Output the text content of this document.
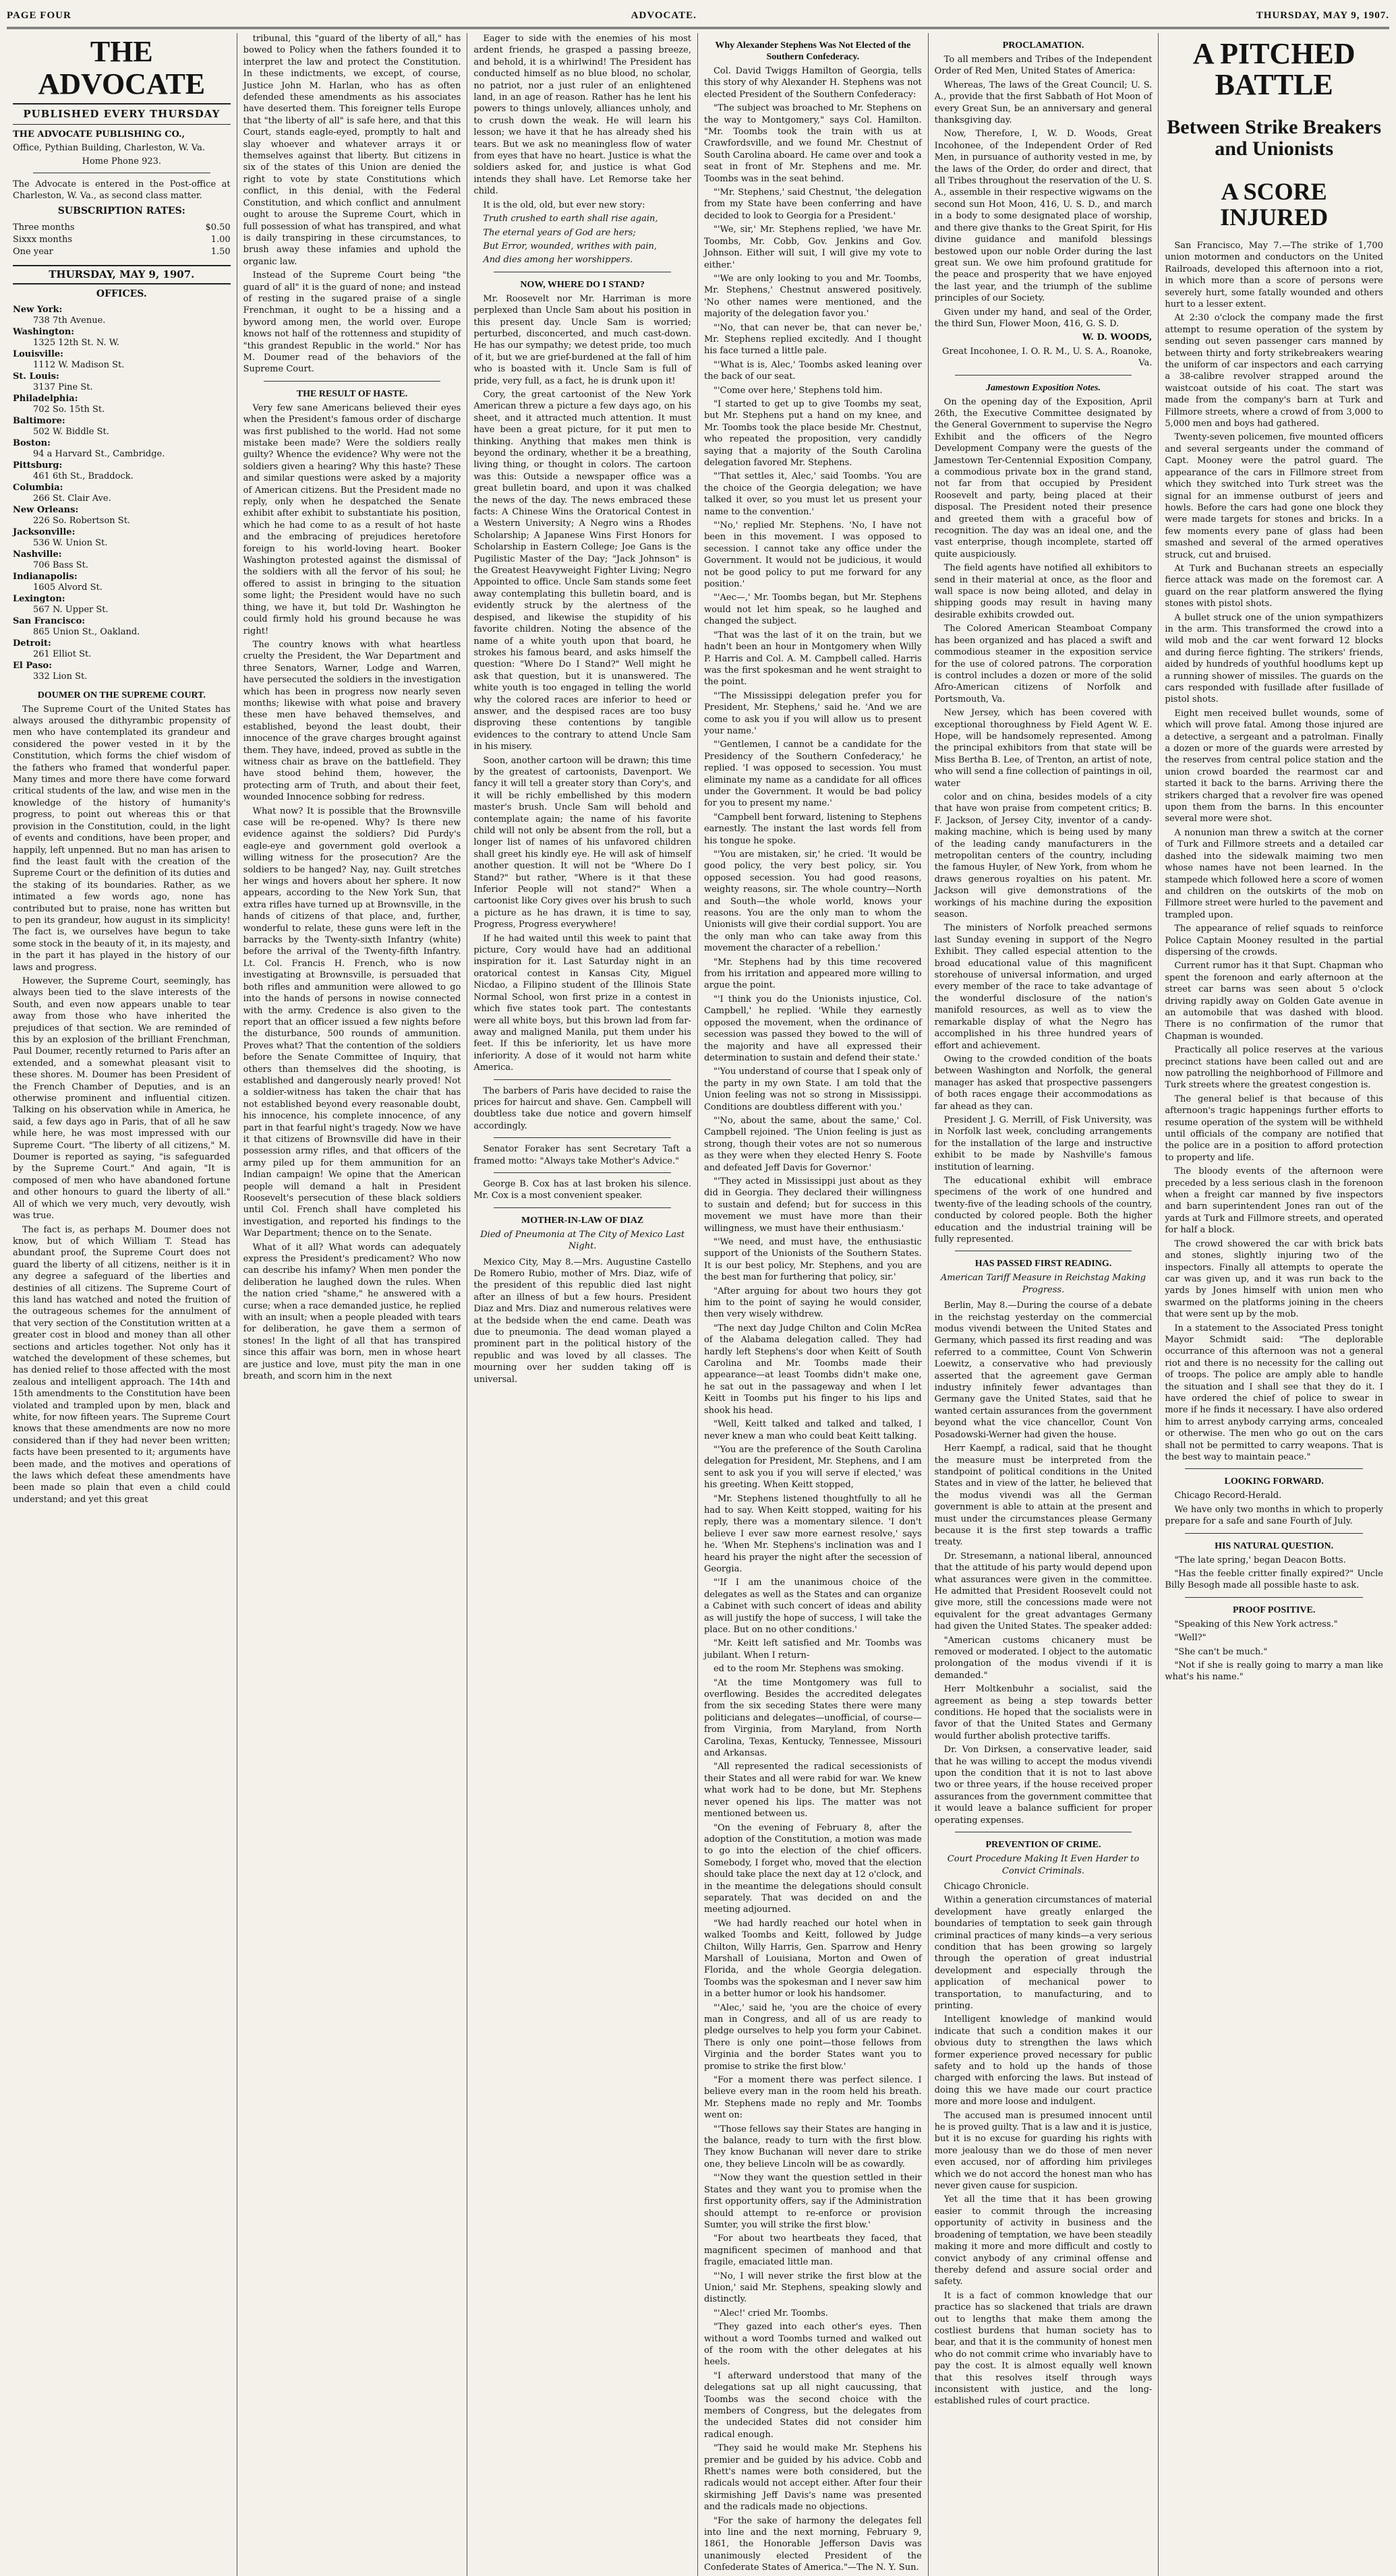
PAGE FOUR	ADVOCATE.	THURSDAY, MAY 9, 1907.
THE ADVOCATE
PUBLISHED EVERY THURSDAY
THE ADVOCATE PUBLISHING CO.,
Office, Pythian Building, Charleston, W. Va.
Home Phone 923.
The Advocate is entered in the Post-office at Charleston, W. Va., as second class matter.
SUBSCRIPTION RATES:
Three months	$0.50
Sixxx months	1.00
One year	1.50
THURSDAY, MAY 9, 1907.
OFFICES.
New York:
738 7th Avenue.
Washington:
1325 12th St. N. W.
Louisville:
1112 W. Madison St.
St. Louis:
3137 Pine St.
Philadelphia:
702 So. 15th St.
Baltimore:
502 W. Biddle St.
Boston:
94 a Harvard St., Cambridge.
Pittsburg:
461 6th St., Braddock.
Columbia:
266 St. Clair Ave.
New Orleans:
226 So. Robertson St.
Jacksonville:
536 W. Union St.
Nashville:
706 Bass St.
Indianapolis:
1605 Alvord St.
Lexington:
567 N. Upper St.
San Francisco:
865 Union St., Oakland.
Detroit:
261 Elliot St.
El Paso:
332 Lion St.
DOUMER ON THE SUPREME COURT.

The Supreme Court of the United States has always aroused the dithyrambic propensity of men who have contemplated its grandeur and considered the power vested in it by the Constitution, which forms the chief wisdom of the fathers who framed that wonderful paper. Many times and more there have come forward critical students of the law, and wise men in the knowledge of the history of humanity's progress, to point out whereas this or that provision in the Constitution, could, in the light of events and conditions, have been proper, and happily, left unpenned. But no man has arisen to find the least fault with the creation of the Supreme Court or the definition of its duties and the staking of its boundaries. Rather, as we intimated a few words ago, none has contributed but to praise, none has written but to pen its grandeur, how august in its simplicity! The fact is, we ourselves have begun to take some stock in the beauty of it, in its majesty, and in the part it has played in the history of our laws and progress.

However, the Supreme Court, seemingly, has always been tied to the slave interests of the South, and even now appears unable to tear away from those who have inherited the prejudices of that section. We are reminded of this by an explosion of the brilliant Frenchman, Paul Doumer, recently returned to Paris after an extended, and a somewhat pleasant visit to these shores. M. Doumer has been President of the French Chamber of Deputies, and is an otherwise prominent and influential citizen. Talking on his observation while in America, he said, a few days ago in Paris, that of all he saw while here, he was most impressed with our Supreme Court. "The liberty of all citizens," M. Doumer is reported as saying, "is safeguarded by the Supreme Court." And again, "It is composed of men who have abandoned fortune and other honours to guard the liberty of all." All of which we very much, very devoutly, wish was true.

The fact is, as perhaps M. Doumer does not know, but of which William T. Stead has abundant proof, the Supreme Court does not guard the liberty of all citizens, neither is it in any degree a safeguard of the liberties and destinies of all citizens. The Supreme Court of this land has watched and noted the fruition of the outrageous schemes for the annulment of that very section of the Constitution written at a greater cost in blood and money than all other sections and articles together. Not only has it watched the development of these schemes, but has denied relief to those affected with the most zealous and intelligent approach. The 14th and 15th amendments to the Constitution have been violated and trampled upon by men, black and white, for now fifteen years. The Supreme Court knows that these amendments are now no more considered than if they had never been written; facts have been presented to it; arguments have been made, and the motives and operations of the laws which defeat these amendments have been made so plain that even a child could understand; and yet this great

tribunal, this "guard of the liberty of all," has bowed to Policy when the fathers founded it to interpret the law and protect the Constitution. In these indictments, we except, of course, Justice John M. Harlan, who has as often defended these amendments as his associates have deserted them. This foreigner tells Europe that "the liberty of all" is safe here, and that this Court, stands eagle-eyed, promptly to halt and slay whoever and whatever arrays it or themselves against that liberty. But citizens in six of the states of this Union are denied the right to vote by state Constitutions which conflict, in this denial, with the Federal Constitution, and which conflict and annulment ought to arouse the Supreme Court, which in full possession of what has transpired, and what is daily transpiring in these circumstances, to brush away these infamies and uphold the organic law.

Instead of the Supreme Court being "the guard of all" it is the guard of none; and instead of resting in the sugared praise of a single Frenchman, it ought to be a hissing and a byword among men, the world over. Europe knows not half of the rottenness and stupidity of "this grandest Republic in the world." Nor has M. Doumer read of the behaviors of the Supreme Court.

THE RESULT OF HASTE.

Very few sane Americans believed their eyes when the President's famous order of discharge was first published to the world. Had not some mistake been made? Were the soldiers really guilty? Whence the evidence? Why were not the soldiers given a hearing? Why this haste? These and similar questions were asked by a majority of American citizens. But the President made no reply, only when he despatched the Senate exhibit after exhibit to substantiate his position, which he had come to as a result of hot haste and the embracing of prejudices heretofore foreign to his world-loving heart. Booker Washington protested against the dismissal of the soldiers with all the fervor of his soul; he offered to assist in bringing to the situation some light; the President would have no such thing, we have it, but told Dr. Washington he could firmly hold his ground because he was right!

The country knows with what heartless cruelty the President, the War Department and three Senators, Warner, Lodge and Warren, have persecuted the soldiers in the investigation which has been in progress now nearly seven months; likewise with what poise and bravery these men have behaved themselves, and established, beyond the least doubt, their innocence of the grave charges brought against them. They have, indeed, proved as subtle in the witness chair as brave on the battlefield. They have stood behind them, however, the protecting arm of Truth, and about their feet, wounded Innocence sobbing for redress.

What now? It is possible that the Brownsville case will be re-opened. Why? Is there new evidence against the soldiers? Did Purdy's eagle-eye and government gold overlook a willing witness for the prosecution? Are the soldiers to be hanged? Nay, nay. Guilt stretches her wings and hovers about her sphere. It now appears, according to the New York Sun, that extra rifles have turned up at Brownsville, in the hands of citizens of that place, and, further, wonderful to relate, these guns were left in the barracks by the Twenty-sixth Infantry (white) before the arrival of the Twenty-fifth Infantry. Lt. Col. Francis H. French, who is now investigating at Brownsville, is persuaded that both rifles and ammunition were allowed to go into the hands of persons in nowise connected with the army. Credence is also given to the report that an officer issued a few nights before the disturbance, 500 rounds of ammunition. Proves what? That the contention of the soldiers before the Senate Committee of Inquiry, that others than themselves did the shooting, is established and dangerously nearly proved! Not a soldier-witness has taken the chair that has not established beyond every reasonable doubt, his innocence, his complete innocence, of any part in that fearful night's tragedy. Now we have it that citizens of Brownsville did have in their possession army rifles, and that officers of the army piled up for them ammunition for an Indian campaign! We opine that the American people will demand a halt in President Roosevelt's persecution of these black soldiers until Col. French shall have completed his investigation, and reported his findings to the War Department; thence on to the Senate.

What of it all? What words can adequately express the President's predicament? Who now can describe his infamy? When men ponder the deliberation he laughed down the rules. When the nation cried "shame," he answered with a curse; when a race demanded justice, he replied with an insult; when a people pleaded with tears for deliberation, he gave them a sermon of stones! In the light of all that has transpired since this affair was born, men in whose heart are justice and love, must pity the man in one breath, and scorn him in the next

Eager to side with the enemies of his most ardent friends, he grasped a passing breeze, and behold, it is a whirlwind! The President has conducted himself as no blue blood, no scholar, no patriot, nor a just ruler of an enlightened land, in an age of reason. Rather has he lent his powers to things unlovely, alliances unholy, and to crush down the weak. He will learn his lesson; we have it that he has already shed his tears. But we ask no meaningless flow of water from eyes that have no heart. Justice is what the soldiers asked for, and justice is what God intends they shall have. Let Remorse take her child.

It is the old, old, but ever new story:

Truth crushed to earth shall rise again,

The eternal years of God are hers;

But Error, wounded, writhes with pain,

And dies among her worshippers.

NOW, WHERE DO I STAND?

Mr. Roosevelt nor Mr. Harriman is more perplexed than Uncle Sam about his position in this present day. Uncle Sam is worried; perturbed, disconcerted, and much cast-down. He has our sympathy; we detest pride, too much of it, but we are grief-burdened at the fall of him who is boasted with it. Uncle Sam is full of pride, very full, as a fact, he is drunk upon it!

Cory, the great cartoonist of the New York American threw a picture a few days ago, on his sheet, and it attracted much attention. It must have been a great picture, for it put men to thinking. Anything that makes men think is beyond the ordinary, whether it be a breathing, living thing, or thought in colors. The cartoon was this: Outside a newspaper office was a great bulletin board, and upon it was chalked the news of the day. The news embraced these facts: A Chinese Wins the Oratorical Contest in a Western University; A Negro wins a Rhodes Scholarship; A Japanese Wins First Honors for Scholarship in Eastern College; Joe Gans is the Pugilistic Master of the Day; "Jack Johnson" is the Greatest Heavyweight Fighter Living; Negro Appointed to office. Uncle Sam stands some feet away contemplating this bulletin board, and is evidently struck by the alertness of the despised, and likewise the stupidity of his favorite children. Noting the absence of the name of a white youth upon that board, he strokes his famous beard, and asks himself the question: "Where Do I Stand?" Well might he ask that question, but it is unanswered. The white youth is too engaged in telling the world why the colored races are inferior to heed or answer, and the despised races are too busy disproving these contentions by tangible evidences to the contrary to attend Uncle Sam in his misery.

Soon, another cartoon will be drawn; this time by the greatest of cartoonists, Davenport. We fancy it will tell a greater story than Cory's, and it will be richly embellished by this modern master's brush. Uncle Sam will behold and contemplate again; the name of his favorite child will not only be absent from the roll, but a longer list of names of his unfavored children shall greet his kindly eye. He will ask of himself another question. It will not be "Where Do I Stand?" but rather, "Where is it that these Inferior People will not stand?" When a cartoonist like Cory gives over his brush to such a picture as he has drawn, it is time to say, Progress, Progress everywhere!

If he had waited until this week to paint that picture, Cory would have had an additional inspiration for it. Last Saturday night in an oratorical contest in Kansas City, Miguel Nicdao, a Filipino student of the Illinois State Normal School, won first prize in a contest in which five states took part. The contestants were all white boys, but this brown lad from far-away and maligned Manila, put them under his feet. If this be inferiority, let us have more inferiority. A dose of it would not harm white America.

The barbers of Paris have decided to raise the prices for haircut and shave. Gen. Campbell will doubtless take due notice and govern himself accordingly.

Senator Foraker has sent Secretary Taft a framed motto: "Always take Mother's Advice."

George B. Cox has at last broken his silence. Mr. Cox is a most convenient speaker.

MOTHER-IN-LAW OF DIAZ
Died of Pneumonia at The City of Mexico Last Night.

Mexico City, May 8.—Mrs. Augustine Castello De Romero Rubio, mother of Mrs. Diaz, wife of the president of this republic died last night after an illness of but a few hours. President Diaz and Mrs. Diaz and numerous relatives were at the bedside when the end came. Death was due to pneumonia. The dead woman played a prominent part in the political history of the republic and was loved by all classes. The mourning over her sudden taking off is universal.

Why Alexander Stephens Was Not Elected of the Southern Confederacy.

Col. David Twiggs Hamilton of Georgia, tells this story of why Alexander H. Stephens was not elected President of the Southern Confederacy:

"The subject was broached to Mr. Stephens on the way to Montgomery," says Col. Hamilton. "Mr. Toombs took the train with us at Crawfordsville, and we found Mr. Chestnut of South Carolina aboard. He came over and took a seat in front of Mr. Stephens and me. Mr. Toombs was in the seat behind.

"'Mr. Stephens,' said Chestnut, 'the delegation from my State have been conferring and have decided to look to Georgia for a President.'

"'We, sir,' Mr. Stephens replied, 'we have Mr. Toombs, Mr. Cobb, Gov. Jenkins and Gov. Johnson. Either will suit, I will give my vote to either.'

"'We are only looking to you and Mr. Toombs, Mr. Stephens,' Chestnut answered positively. 'No other names were mentioned, and the majority of the delegation favor you.'

"'No, that can never be, that can never be,' Mr. Stephens replied excitedly. And I thought his face turned a little pale.

"'What is is, Alec,' Toombs asked leaning over the back of our seat.

"'Come over here,' Stephens told him.

"I started to get up to give Toombs my seat, but Mr. Stephens put a hand on my knee, and Mr. Toombs took the place beside Mr. Chestnut, who repeated the proposition, very candidly saying that a majority of the South Carolina delegation favored Mr. Stephens.

"'That settles it, Alec,' said Toombs. 'You are the choice of the Georgia delegation; we have talked it over, so you must let us present your name to the convention.'

"'No,' replied Mr. Stephens. 'No, I have not been in this movement. I was opposed to secession. I cannot take any office under the Government. It would not be judicious, it would not be good policy to put me forward for any position.'

"'Aec—,' Mr. Toombs began, but Mr. Stephens would not let him speak, so he laughed and changed the subject.

"That was the last of it on the train, but we hadn't been an hour in Montgomery when Willy P. Harris and Col. A. M. Campbell called. Harris was the first spokesman and he went straight to the point.

"'The Mississippi delegation prefer you for President, Mr. Stephens,' said he. 'And we are come to ask you if you will allow us to present your name.'

"'Gentlemen, I cannot be a candidate for the Presidency of the Southern Confederacy,' he replied. 'I was opposed to secession. You must eliminate my name as a candidate for all offices under the Government. It would be bad policy for you to present my name.'

"Campbell bent forward, listening to Stephens earnestly. The instant the last words fell from his tongue he spoke.

"'You are mistaken, sir,' he cried. 'It would be good policy, the very best policy, sir. You opposed secession. You had good reasons, weighty reasons, sir. The whole country—North and South—the whole world, knows your reasons. You are the only man to whom the Unionists will give their cordial support. You are the only man who can take away from this movement the character of a rebellion.'

"Mr. Stephens had by this time recovered from his irritation and appeared more willing to argue the point.

"'I think you do the Unionists injustice, Col. Campbell,' he replied. 'While they earnestly opposed the movement, when the ordinance of secession was passed they bowed to the will of the majority and have all expressed their determination to sustain and defend their state.'

"'You understand of course that I speak only of the party in my own State. I am told that the Union feeling was not so strong in Mississippi. Conditions are doubtless different with you.'

"'No, about the same, about the same,' Col. Campbell rejoined. 'The Union feeling is just as strong, though their votes are not so numerous as they were when they elected Henry S. Foote and defeated Jeff Davis for Governor.'

"'They acted in Mississippi just about as they did in Georgia. They declared their willingness to sustain and defend; but for success in this movement we must have more than their willingness, we must have their enthusiasm.'

"'We need, and must have, the enthusiastic support of the Unionists of the Southern States. It is our best policy, Mr. Stephens, and you are the best man for furthering that policy, sir.'

"After arguing for about two hours they got him to the point of saying he would consider, then very wisely withdrew.

"The next day Judge Chilton and Colin McRea of the Alabama delegation called. They had hardly left Stephens's door when Keitt of South Carolina and Mr. Toombs made their appearance—at least Toombs didn't make one, he sat out in the passageway and when I let Keitt in Toombs put his finger to his lips and shook his head.

"Well, Keitt talked and talked and talked, I never knew a man who could beat Keitt talking.

"'You are the preference of the South Carolina delegation for President, Mr. Stephens, and I am sent to ask you if you will serve if elected,' was his greeting. When Keitt stopped,

"Mr. Stephens listened thoughtfully to all he had to say. When Keitt stopped, waiting for his reply, there was a momentary silence. 'I don't believe I ever saw more earnest resolve,' says he. 'When Mr. Stephens's inclination was and I heard his prayer the night after the secession of Georgia.

"'If I am the unanimous choice of the delegates as well as the States and can organize a Cabinet with such concert of ideas and ability as will justify the hope of success, I will take the place. But on no other conditions.'

"Mr. Keitt left satisfied and Mr. Toombs was jubilant. When I return-

ed to the room Mr. Stephens was smoking.

"At the time Montgomery was full to overflowing. Besides the accredited delegates from the six seceding States there were many politicians and delegates—unofficial, of course—from Virginia, from Maryland, from North Carolina, Texas, Kentucky, Tennessee, Missouri and Arkansas.

"All represented the radical secessionists of their States and all were rabid for war. We knew what work had to be done, but Mr. Stephens never opened his lips. The matter was not mentioned between us.

"On the evening of February 8, after the adoption of the Constitution, a motion was made to go into the election of the chief officers. Somebody, I forget who, moved that the election should take place the next day at 12 o'clock, and in the meantime the delegations should consult separately. That was decided on and the meeting adjourned.

"We had hardly reached our hotel when in walked Toombs and Keitt, followed by Judge Chilton, Willy Harris, Gen. Sparrow and Henry Marshall of Louisiana, Morton and Owen of Florida, and the whole Georgia delegation. Toombs was the spokesman and I never saw him in a better humor or look his handsomer.

"'Alec,' said he, 'you are the choice of every man in Congress, and all of us are ready to pledge ourselves to help you form your Cabinet. There is only one point—those fellows from Virginia and the border States want you to promise to strike the first blow.'

"For a moment there was perfect silence. I believe every man in the room held his breath. Mr. Stephens made no reply and Mr. Toombs went on:

"'Those fellows say their States are hanging in the balance, ready to turn with the first blow. They know Buchanan will never dare to strike one, they believe Lincoln will be as cowardly.

"'Now they want the question settled in their States and they want you to promise when the first opportunity offers, say if the Administration should attempt to re-enforce or provision Sumter, you will strike the first blow.'

"For about two heartbeats they faced, that magnificent specimen of manhood and that fragile, emaciated little man.

"'No, I will never strike the first blow at the Union,' said Mr. Stephens, speaking slowly and distinctly.

"'Alec!' cried Mr. Toombs.

"They gazed into each other's eyes. Then without a word Toombs turned and walked out of the room with the other delegates at his heels.

"I afterward understood that many of the delegations sat up all night caucussing, that Toombs was the second choice with the members of Congress, but the delegates from the undecided States did not consider him radical enough.

"They said he would make Mr. Stephens his premier and be guided by his advice. Cobb and Rhett's names were both considered, but the radicals would not accept either. After four their skirmishing Jeff Davis's name was presented and the radicals made no objections.

"For the sake of harmony the delegates fell into line and the next morning, February 9, 1861, the Honorable Jefferson Davis was unanimously elected President of the Confederate States of America."—The N. Y. Sun.

PROCLAMATION.

To all members and Tribes of the Independent Order of Red Men, United States of America:

Whereas, The laws of the Great Council; U. S. A., provide that the first Sabbath of Hot Moon of every Great Sun, be an anniversary and general thanksgiving day.

Now, Therefore, I, W. D. Woods, Great Incohonee, of the Independent Order of Red Men, in pursuance of authority vested in me, by the laws of the Order, do order and direct, that all Tribes throughout the reservation of the U. S. A., assemble in their respective wigwams on the second sun Hot Moon, 416, U. S. D., and march in a body to some designated place of worship, and there give thanks to the Great Spirit, for His divine guidance and manifold blessings bestowed upon our noble Order during the last great sun. We owe him profound gratitude for the peace and prosperity that we have enjoyed the last year, and the triumph of the sublime principles of our Society.

Given under my hand, and seal of the Order, the third Sun, Flower Moon, 416, G. S. D.

W. D. WOODS,

Great Incohonee, I. O. R. M., U. S. A., Roanoke, Va.

Jamestown Exposition Notes.

On the opening day of the Exposition, April 26th, the Executive Committee designated by the General Government to supervise the Negro Exhibit and the officers of the Negro Development Company were the guests of the Jamestown Ter-Centennial Exposition Company, a commodious private box in the grand stand, not far from that occupied by President Roosevelt and party, being placed at their disposal. The President noted their presence and greeted them with a graceful bow of recognition. The day was an ideal one, and the vast enterprise, though incomplete, started off quite auspiciously.

The field agents have notified all exhibitors to send in their material at once, as the floor and wall space is now being alloted, and delay in shipping goods may result in having many desirable exhibits crowded out.

The Colored American Steamboat Company has been organized and has placed a swift and commodious steamer in the exposition service for the use of colored patrons. The corporation is control includes a dozen or more of the solid Afro-American citizens of Norfolk and Portsmouth, Va.

New Jersey, which has been covered with exceptional thoroughness by Field Agent W. E. Hope, will be handsomely represented. Among the principal exhibitors from that state will be Miss Bertha B. Lee, of Trenton, an artist of note, who will send a fine collection of paintings in oil, water

color and on china, besides models of a city that have won praise from competent critics; B. F. Jackson, of Jersey City, inventor of a candy-making machine, which is being used by many of the leading candy manufacturers in the metropolitan centers of the country, including the famous Huyler, of New York, from whom he draws generous royalties on his patent. Mr. Jackson will give demonstrations of the workings of his machine during the exposition season.

The ministers of Norfolk preached sermons last Sunday evening in support of the Negro Exhibit. They called especial attention to the broad educational value of this magnificent storehouse of universal information, and urged every member of the race to take advantage of the wonderful disclosure of the nation's manifold resources, as well as to view the remarkable display of what the Negro has accomplished in his three hundred years of effort and achievement.

Owing to the crowded condition of the boats between Washington and Norfolk, the general manager has asked that prospective passengers of both races engage their accommodations as far ahead as they can.

President J. G. Merrill, of Fisk University, was in Norfolk last week, concluding arrangements for the installation of the large and instructive exhibit to be made by Nashville's famous institution of learning.

The educational exhibit will embrace specimens of the work of one hundred and twenty-five of the leading schools of the country, conducted by colored people. Both the higher education and the industrial training will be fully represented.

HAS PASSED FIRST READING.
American Tariff Measure in Reichstag Making Progress.

Berlin, May 8.—During the course of a debate in the reichstag yesterday on the commercial modus vivendi between the United States and Germany, which passed its first reading and was referred to a committee, Count Von Schwerin Loewitz, a conservative who had previously asserted that the agreement gave German industry infinitely fewer advantages than Germany gave the United States, said that he wanted certain assurances from the government beyond what the vice chancellor, Count Von Posadowski-Werner had given the house.

Herr Kaempf, a radical, said that he thought the measure must be interpreted from the standpoint of political conditions in the United States and in view of the latter, he believed that the modus vivendi was all the German government is able to attain at the present and must under the circumstances please Germany because it is the first step towards a traffic treaty.

Dr. Stresemann, a national liberal, announced that the attitude of his party would depend upon what assurances were given in the committee. He admitted that President Roosevelt could not give more, still the concessions made were not equivalent for the great advantages Germany had given the United States. The speaker added:

"American customs chicanery must be removed or moderated. I object to the automatic prolongation of the modus vivendi if it is demanded."

Herr Moltkenbuhr a socialist, said the agreement as being a step towards better conditions. He hoped that the socialists were in favor of that the United States and Germany would further abolish protective tariffs.

Dr. Von Dirksen, a conservative leader, said that he was willing to accept the modus vivendi upon the condition that it is not to last above two or three years, if the house received proper assurances from the government committee that it would leave a balance sufficient for proper operating expenses.

PREVENTION OF CRIME.
Court Procedure Making It Even Harder to Convict Criminals.

Chicago Chronicle.

Within a generation circumstances of material development have greatly enlarged the boundaries of temptation to seek gain through criminal practices of many kinds—a very serious condition that has been growing so largely through the operation of great industrial development and especially through the application of mechanical power to transportation, to manufacturing, and to printing.

Intelligent knowledge of mankind would indicate that such a condition makes it our obvious duty to strengthen the laws which former experience proved necessary for public safety and to hold up the hands of those charged with enforcing the laws. But instead of doing this we have made our court practice more and more loose and indulgent.

The accused man is presumed innocent until he is proved guilty. That is a law and it is justice, but it is no excuse for guarding his rights with more jealousy than we do those of men never even accused, nor of affording him privileges which we do not accord the honest man who has never given cause for suspicion.

Yet all the time that it has been growing easier to commit through the increasing opportunity of activity in business and the broadening of temptation, we have been steadily making it more and more difficult and costly to convict anybody of any criminal offense and thereby defend and assure social order and safety.

It is a fact of common knowledge that our practice has so slackened that trials are drawn out to lengths that make them among the costliest burdens that human society has to bear, and that it is the community of honest men who do not commit crime who invariably have to pay the cost. It is almost equally well known that this resolves itself through ways inconsistent with justice, and the long-established rules of court practice.

A PITCHED BATTLE
Between Strike Breakers and Unionists
A SCORE INJURED

San Francisco, May 7.—The strike of 1,700 union motormen and conductors on the United Railroads, developed this afternoon into a riot, in which more than a score of persons were severely hurt, some fatally wounded and others hurt to a lesser extent.

At 2:30 o'clock the company made the first attempt to resume operation of the system by sending out seven passenger cars manned by between thirty and forty strikebreakers wearing the uniform of car inspectors and each carrying a 38-calibre revolver strapped around the waistcoat outside of his coat. The start was made from the company's barn at Turk and Fillmore streets, where a crowd of from 3,000 to 5,000 men and boys had gathered.

Twenty-seven policemen, five mounted officers and several sergeants under the command of Capt. Mooney were the patrol guard. The appearance of the cars in Fillmore street from which they switched into Turk street was the signal for an immense outburst of jeers and howls. Before the cars had gone one block they were made targets for stones and bricks. In a few moments every pane of glass had been smashed and several of the armed operatives struck, cut and bruised.

At Turk and Buchanan streets an especially fierce attack was made on the foremost car. A guard on the rear platform answered the flying stones with pistol shots.

A bullet struck one of the union sympathizers in the arm. This transformed the crowd into a wild mob and the car went forward 12 blocks and during fierce fighting. The strikers' friends, aided by hundreds of youthful hoodlums kept up a running shower of missiles. The guards on the cars responded with fusillade after fusillade of pistol shots.

Eight men received bullet wounds, some of which will prove fatal. Among those injured are a detective, a sergeant and a patrolman. Finally a dozen or more of the guards were arrested by the reserves from central police station and the union crowd boarded the rearmost car and started it back to the barns. Arriving there the strikers charged that a revolver fire was opened upon them from the barns. In this encounter several more were shot.

A nonunion man threw a switch at the corner of Turk and Fillmore streets and a detailed car dashed into the sidewalk maiming two men whose names have not been learned. In the stampede which followed here a score of women and children on the outskirts of the mob on Fillmore street were hurled to the pavement and trampled upon.

The appearance of relief squads to reinforce Police Captain Mooney resulted in the partial dispersing of the crowds.

Current rumor has it that Supt. Chapman who spent the forenoon and early afternoon at the street car barns was seen about 5 o'clock driving rapidly away on Golden Gate avenue in an automobile that was dashed with blood. There is no confirmation of the rumor that Chapman is wounded.

Practically all police reserves at the various precinct stations have been called out and are now patrolling the neighborhood of Fillmore and Turk streets where the greatest congestion is.

The general belief is that because of this afternoon's tragic happenings further efforts to resume operation of the system will be withheld until officials of the company are notified that the police are in a position to afford protection to property and life.

The bloody events of the afternoon were preceded by a less serious clash in the forenoon when a freight car manned by five inspectors and barn superintendent Jones ran out of the yards at Turk and Fillmore streets, and operated for half a block.

The crowd showered the car with brick bats and stones, slightly injuring two of the inspectors. Finally all attempts to operate the car was given up, and it was run back to the yards by Jones himself with union men who swarmed on the platforms joining in the cheers that were sent up by the mob.

In a statement to the Associated Press tonight Mayor Schmidt said: "The deplorable occurrance of this afternoon was not a general riot and there is no necessity for the calling out of troops. The police are amply able to handle the situation and I shall see that they do it. I have ordered the chief of police to swear in more if he finds it necessary. I have also ordered him to arrest anybody carrying arms, concealed or otherwise. The men who go out on the cars shall not be permitted to carry weapons. That is the best way to maintain peace."

LOOKING FORWARD.

Chicago Record-Herald.

We have only two months in which to properly prepare for a safe and sane Fourth of July.

HIS NATURAL QUESTION.

"The late spring,' began Deacon Botts.

"Has the feeble critter finally expired?" Uncle Billy Besogh made all possible haste to ask.

PROOF POSITIVE.

"Speaking of this New York actress."

"Well?"

"She can't be much."

"Not if she is really going to marry a man like what's his name."
